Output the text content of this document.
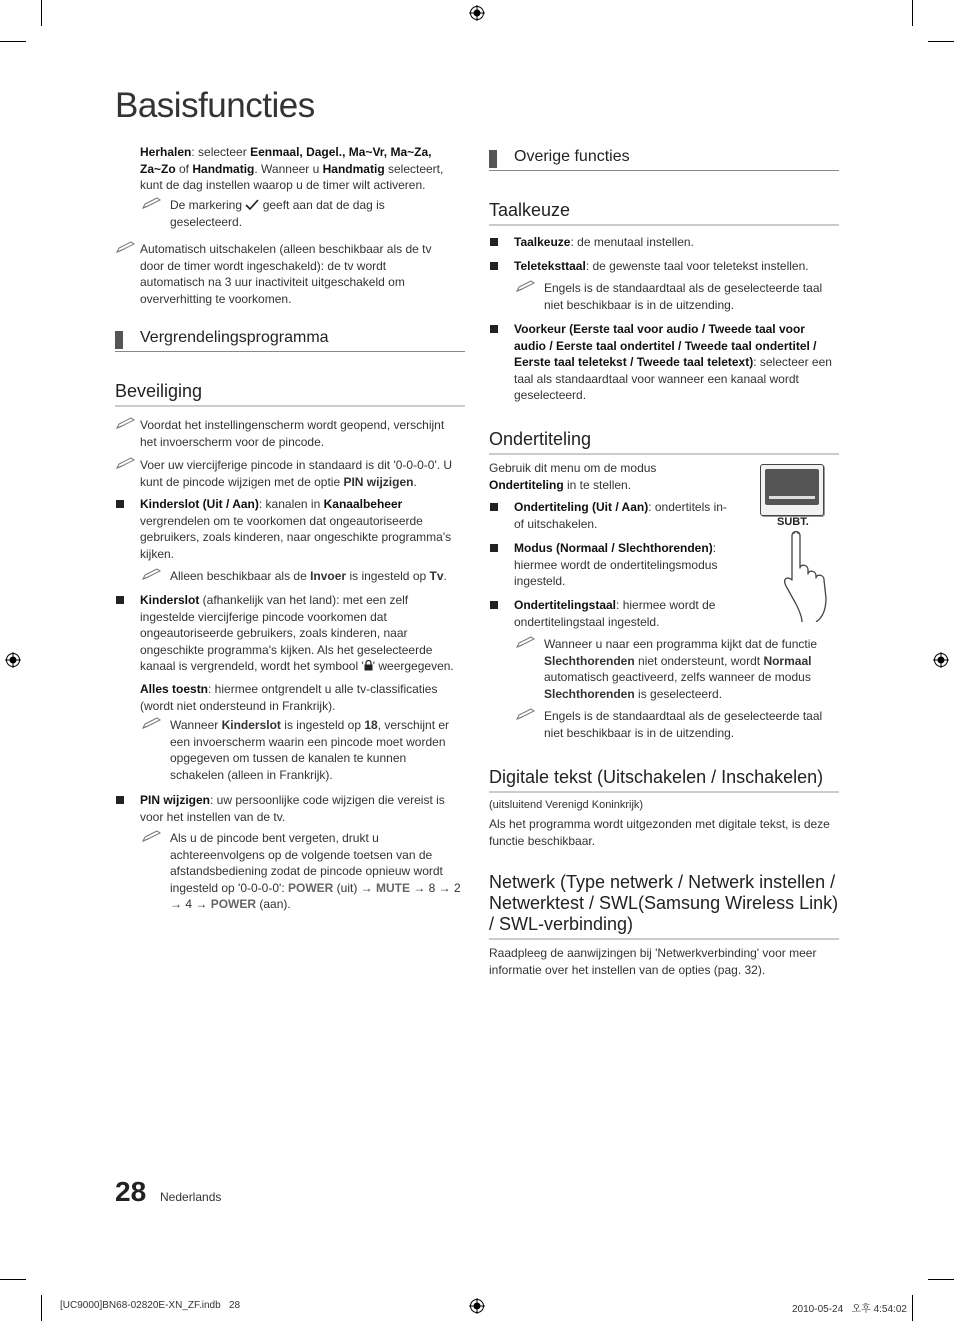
Basisfuncties
Herhalen: selecteer Eenmaal, Dagel., Ma~Vr, Ma~Za, Za~Zo of Handmatig. Wanneer u Handmatig selecteert, kunt de dag instellen waarop u de timer wilt activeren.
De markering  geeft aan dat de dag is geselecteerd.
Automatisch uitschakelen (alleen beschikbaar als de tv door de timer wordt ingeschakeld): de tv wordt automatisch na 3 uur inactiviteit uitgeschakeld om oververhitting te voorkomen.
Vergrendelingsprogramma
Beveiliging
Voordat het instellingenscherm wordt geopend, verschijnt het invoerscherm voor de pincode.
Voer uw viercijferige pincode in standaard is dit '0-0-0-0'. U kunt de pincode wijzigen met de optie PIN wijzigen.
Kinderslot (Uit / Aan): kanalen in Kanaalbeheer vergrendelen om te voorkomen dat ongeautoriseerde gebruikers, zoals kinderen, naar ongeschikte programma's kijken.
Alleen beschikbaar als de Invoer is ingesteld op Tv.
Kinderslot (afhankelijk van het land): met een zelf ingestelde viercijferige pincode voorkomen dat ongeautoriseerde gebruikers, zoals kinderen, naar ongeschikte programma's kijken. Als het geselecteerde kanaal is vergrendeld, wordt het symbool ' ' weergegeven.
Alles toestn: hiermee ontgrendelt u alle tv-classificaties (wordt niet ondersteund in Frankrijk).
Wanneer Kinderslot is ingesteld op 18, verschijnt er een invoerscherm waarin een pincode moet worden opgegeven om tussen de kanalen te kunnen schakelen (alleen in Frankrijk).
PIN wijzigen: uw persoonlijke code wijzigen die vereist is voor het instellen van de tv.
Als u de pincode bent vergeten, drukt u achtereenvolgens op de volgende toetsen van de afstandsbediening zodat de pincode opnieuw wordt ingesteld op '0-0-0-0': POWER (uit) → MUTE → 8 → 2 → 4 → POWER (aan).
Overige functies
Taalkeuze
Taalkeuze: de menutaal instellen.
Teleteksttaal: de gewenste taal voor teletekst instellen.
Engels is de standaardtaal als de geselecteerde taal niet beschikbaar is in de uitzending.
Voorkeur (Eerste taal voor audio / Tweede taal voor audio / Eerste taal ondertitel / Tweede taal ondertitel / Eerste taal teletekst / Tweede taal teletext): selecteer een taal als standaardtaal voor wanneer een kanaal wordt geselecteerd.
Ondertiteling
Gebruik dit menu om de modus Ondertiteling in te stellen.
SUBT.
Ondertiteling (Uit / Aan): ondertitels in- of uitschakelen.
Modus (Normaal / Slechthorenden): hiermee wordt de ondertitelingsmodus ingesteld.
Ondertitelingstaal: hiermee wordt de ondertitelingstaal ingesteld.
Wanneer u naar een programma kijkt dat de functie Slechthorenden niet ondersteunt, wordt Normaal automatisch geactiveerd, zelfs wanneer de modus Slechthorenden is geselecteerd.
Engels is de standaardtaal als de geselecteerde taal niet beschikbaar is in de uitzending.
Digitale tekst (Uitschakelen / Inschakelen)
(uitsluitend Verenigd Koninkrijk)
Als het programma wordt uitgezonden met digitale tekst, is deze functie beschikbaar.
Netwerk (Type netwerk / Netwerk instellen / Netwerktest / SWL(Samsung Wireless Link) / SWL-verbinding)
Raadpleeg de aanwijzingen bij 'Netwerkverbinding' voor meer informatie over het instellen van de opties (pag. 32).
28 Nederlands
[UC9000]BN68-02820E-XN_ZF.indb   28	2010-05-24   오후 4:54:02
